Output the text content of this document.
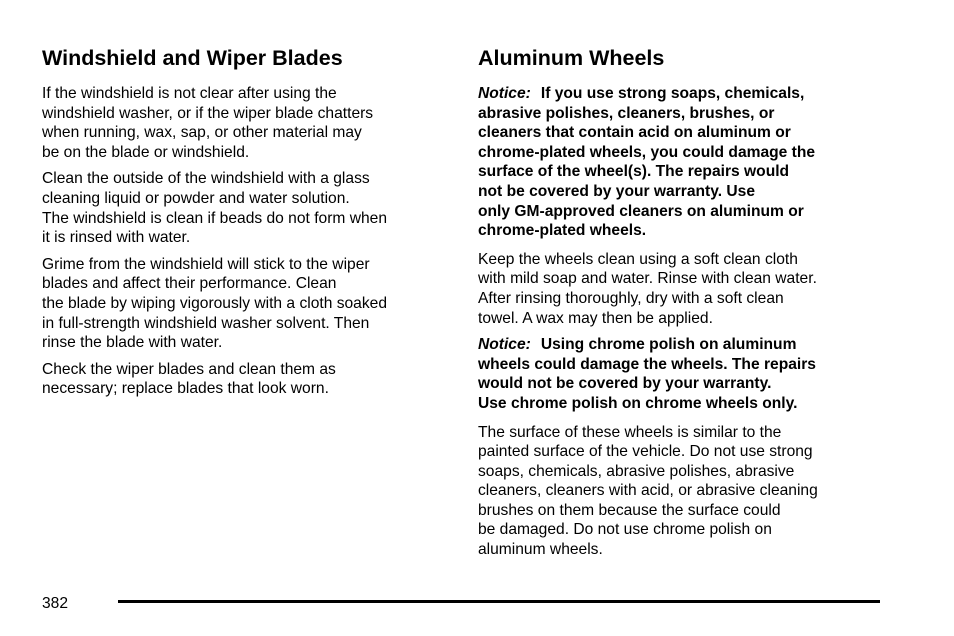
Windshield and Wiper Blades

If the windshield is not clear after using the
windshield washer, or if the wiper blade chatters
when running, wax, sap, or other material may
be on the blade or windshield.

Clean the outside of the windshield with a glass
cleaning liquid or powder and water solution.
The windshield is clean if beads do not form when
it is rinsed with water.

Grime from the windshield will stick to the wiper
blades and affect their performance. Clean
the blade by wiping vigorously with a cloth soaked
in full-strength windshield washer solvent. Then
rinse the blade with water.

Check the wiper blades and clean them as
necessary; replace blades that look worn.

Aluminum Wheels

Notice: If you use strong soaps, chemicals,
abrasive polishes, cleaners, brushes, or
cleaners that contain acid on aluminum or
chrome-plated wheels, you could damage the
surface of the wheel(s). The repairs would
not be covered by your warranty. Use
only GM-approved cleaners on aluminum or
chrome-plated wheels.

Keep the wheels clean using a soft clean cloth
with mild soap and water. Rinse with clean water.
After rinsing thoroughly, dry with a soft clean
towel. A wax may then be applied.

Notice: Using chrome polish on aluminum
wheels could damage the wheels. The repairs
would not be covered by your warranty.
Use chrome polish on chrome wheels only.

The surface of these wheels is similar to the
painted surface of the vehicle. Do not use strong
soaps, chemicals, abrasive polishes, abrasive
cleaners, cleaners with acid, or abrasive cleaning
brushes on them because the surface could
be damaged. Do not use chrome polish on
aluminum wheels.

382
